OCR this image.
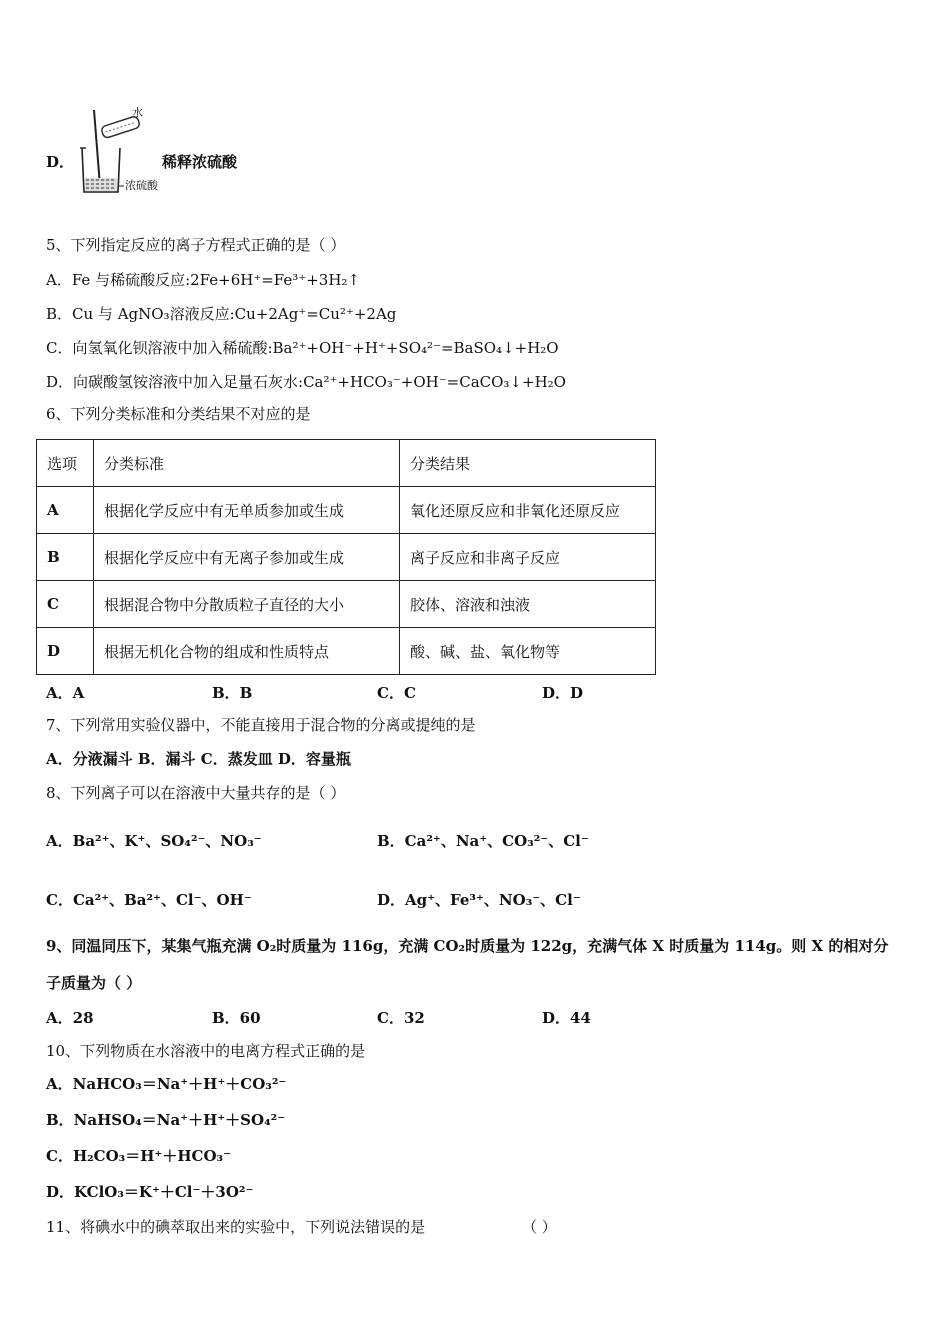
D．
水
浓硫酸
稀释浓硫酸
5、下列指定反应的离子方程式正确的是（ ）
A．Fe 与稀硫酸反应:2Fe+6H⁺=Fe³⁺+3H₂↑
B．Cu 与 AgNO₃溶液反应:Cu+2Ag⁺=Cu²⁺+2Ag
C．向氢氧化钡溶液中加入稀硫酸:Ba²⁺+OH⁻+H⁺+SO₄²⁻=BaSO₄↓+H₂O
D．向碳酸氢铵溶液中加入足量石灰水:Ca²⁺+HCO₃⁻+OH⁻=CaCO₃↓+H₂O
6、下列分类标准和分类结果不对应的是
选项	分类标准	分类结果
A	根据化学反应中有无单质参加或生成	氧化还原反应和非氧化还原反应
B	根据化学反应中有无离子参加或生成	离子反应和非离子反应
C	根据混合物中分散质粒子直径的大小	胶体、溶液和浊液
D	根据无机化合物的组成和性质特点	酸、碱、盐、氧化物等
A．A	B．B	C．C	D．D
7、下列常用实验仪器中，不能直接用于混合物的分离或提纯的是
A．分液漏斗 B．漏斗 C．蒸发皿 D．容量瓶
8、下列离子可以在溶液中大量共存的是（ ）
A．Ba²⁺、K⁺、SO₄²⁻、NO₃⁻	B．Ca²⁺、Na⁺、CO₃²⁻、Cl⁻
C．Ca²⁺、Ba²⁺、Cl⁻、OH⁻	D．Ag⁺、Fe³⁺、NO₃⁻、Cl⁻
9、同温同压下，某集气瓶充满 O₂时质量为 116g，充满 CO₂时质量为 122g，充满气体 X 时质量为 114g。则 X 的相对分
子质量为（ ）
A．28	B．60	C．32	D．44
10、下列物质在水溶液中的电离方程式正确的是
A．NaHCO₃＝Na⁺＋H⁺＋CO₃²⁻
B．NaHSO₄＝Na⁺＋H⁺＋SO₄²⁻
C．H₂CO₃＝H⁺＋HCO₃⁻
D．KClO₃＝K⁺＋Cl⁻＋3O²⁻
11、将碘水中的碘萃取出来的实验中，下列说法错误的是	（ ）
